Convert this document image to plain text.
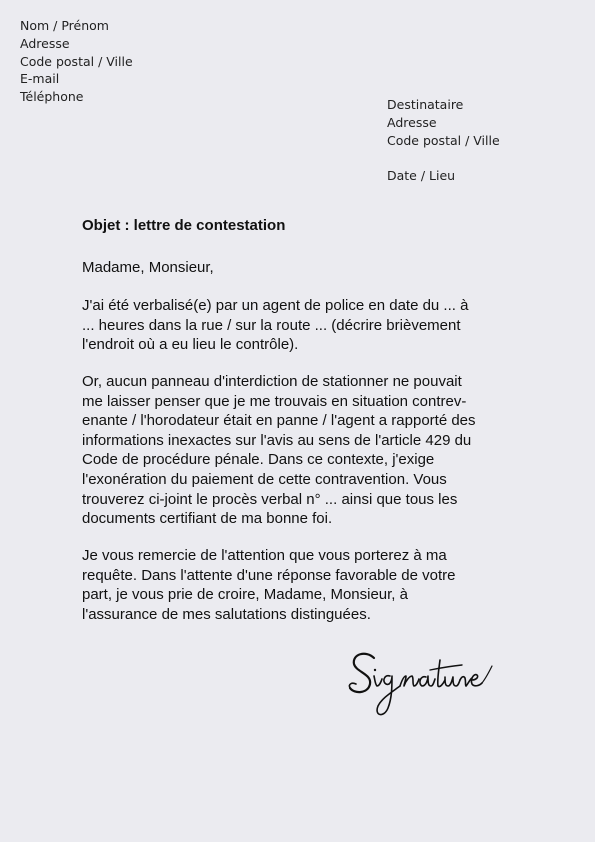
Nom / Prénom
Adresse
Code postal / Ville
E-mail
Téléphone
Destinataire
Adresse
Code postal / Ville
Date / Lieu
Objet : lettre de contestation
Madame, Monsieur,
J'ai été verbalisé(e) par un agent de police en date du ... à
... heures dans la rue / sur la route ... (décrire brièvement
l'endroit où a eu lieu le contrôle).
Or, aucun panneau d'interdiction de stationner ne pouvait
me laisser penser que je me trouvais en situation contrev-
enante / l'horodateur était en panne / l'agent a rapporté des
informations inexactes sur l'avis au sens de l'article 429 du
Code de procédure pénale. Dans ce contexte, j'exige
l'exonération du paiement de cette contravention. Vous
trouverez ci-joint le procès verbal n° ... ainsi que tous les
documents certifiant de ma bonne foi.
Je vous remercie de l'attention que vous porterez à ma
requête. Dans l'attente d'une réponse favorable de votre
part, je vous prie de croire, Madame, Monsieur, à
l'assurance de mes salutations distinguées.
